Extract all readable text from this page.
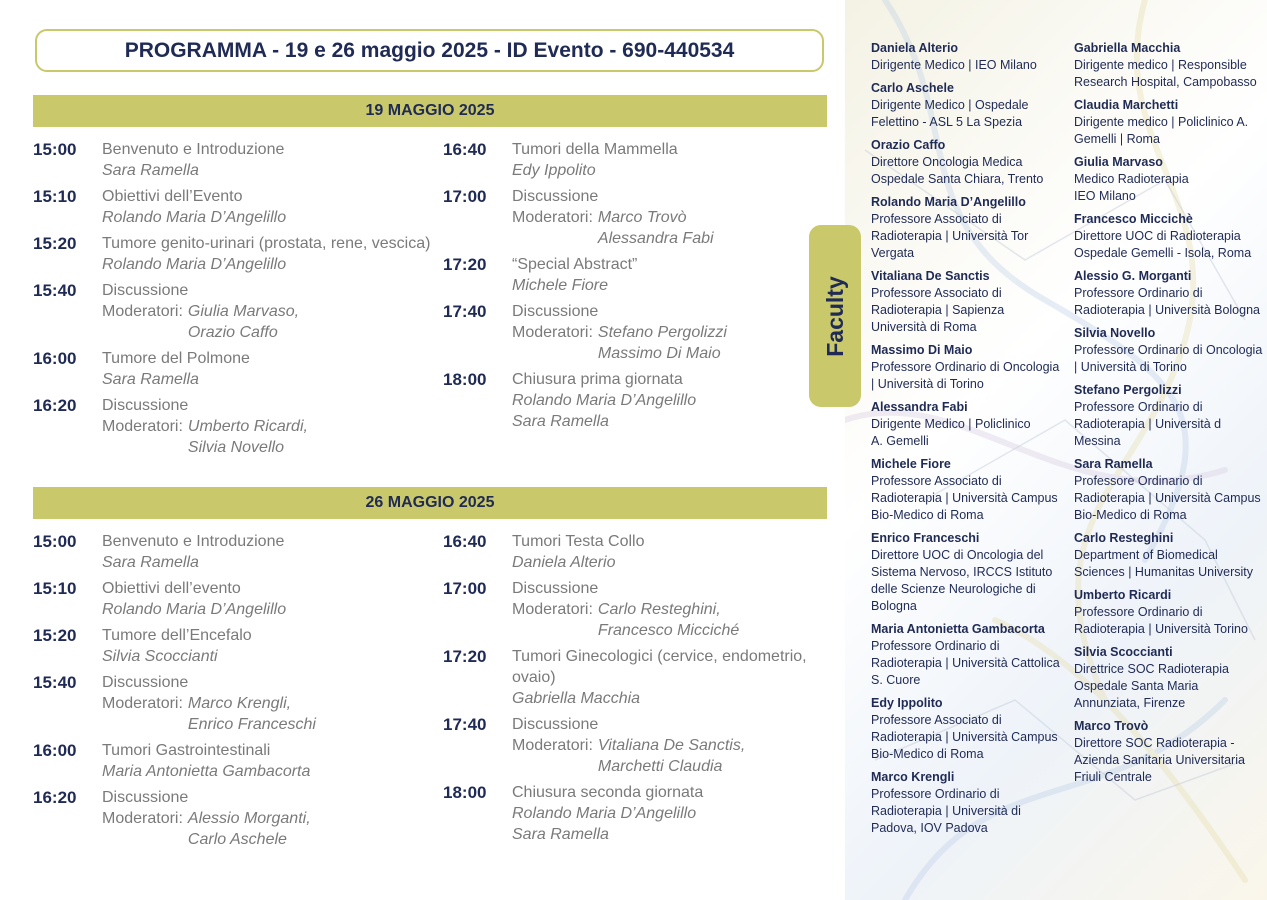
PROGRAMMA - 19 e 26 maggio 2025 - ID Evento - 690-440534
19 MAGGIO 2025
15:00	Benvenuto e Introduzione
Sara Ramella
15:10	Obiettivi dell’Evento
Rolando Maria D’Angelillo
15:20	Tumore genito-urinari (prostata, rene, vescica)
Rolando Maria D’Angelillo
15:40	Discussione
Moderatori: Giulia Marvaso,
Orazio Caffo
16:00	Tumore del Polmone
Sara Ramella
16:20	Discussione
Moderatori: Umberto Ricardi,
Silvia Novello
16:40	Tumori della Mammella
Edy Ippolito
17:00	Discussione
Moderatori: Marco Trovò
Alessandra Fabi
17:20	“Special Abstract”
Michele Fiore
17:40	Discussione
Moderatori: Stefano Pergolizzi
Massimo Di Maio
18:00	Chiusura prima giornata
Rolando Maria D’Angelillo
Sara Ramella
26 MAGGIO 2025
15:00	Benvenuto e Introduzione
Sara Ramella
15:10	Obiettivi dell’evento
Rolando Maria D’Angelillo
15:20	Tumore dell’Encefalo
Silvia Scoccianti
15:40	Discussione
Moderatori: Marco Krengli,
Enrico Franceschi
16:00	Tumori Gastrointestinali
Maria Antonietta Gambacorta
16:20	Discussione
Moderatori: Alessio Morganti,
Carlo Aschele
16:40	Tumori Testa Collo
Daniela Alterio
17:00	Discussione
Moderatori: Carlo Resteghini,
Francesco Micciché
17:20	Tumori Ginecologici (cervice, endometrio, ovaio)
Gabriella Macchia
17:40	Discussione
Moderatori: Vitaliana De Sanctis,
Marchetti Claudia
18:00	Chiusura seconda giornata
Rolando Maria D’Angelillo
Sara Ramella
Daniela Alterio
Dirigente Medico | IEO Milano
Carlo Aschele
Dirigente Medico | Ospedale
Felettino - ASL 5 La Spezia
Orazio Caffo
Direttore Oncologia Medica
Ospedale Santa Chiara, Trento
Rolando Maria D’Angelillo
Professore Associato di
Radioterapia | Università Tor
Vergata
Vitaliana De Sanctis
Professore Associato di
Radioterapia | Sapienza
Università di Roma
Massimo Di Maio
Professore Ordinario di Oncologia
| Università di Torino
Alessandra Fabi
Dirigente Medico | Policlinico
A. Gemelli
Michele Fiore
Professore Associato di
Radioterapia | Università Campus
Bio-Medico di Roma
Enrico Franceschi
Direttore UOC di Oncologia del
Sistema Nervoso, IRCCS Istituto
delle Scienze Neurologiche di
Bologna
Maria Antonietta Gambacorta
Professore Ordinario di
Radioterapia | Università Cattolica
S. Cuore
Edy Ippolito
Professore Associato di
Radioterapia | Università Campus
Bio-Medico di Roma
Marco Krengli
Professore Ordinario di
Radioterapia | Università di
Padova, IOV Padova
Gabriella Macchia
Dirigente medico | Responsible
Research Hospital, Campobasso
Claudia Marchetti
Dirigente medico | Policlinico A.
Gemelli | Roma
Giulia Marvaso
Medico Radioterapia
IEO Milano
Francesco Miccichè
Direttore UOC di Radioterapia
Ospedale Gemelli - Isola, Roma
Alessio G. Morganti
Professore Ordinario di
Radioterapia | Università Bologna
Silvia Novello
Professore Ordinario di Oncologia
| Università di Torino
Stefano Pergolizzi
Professore Ordinario di
Radioterapia | Università d
Messina
Sara Ramella
Professore Ordinario di
Radioterapia | Università Campus
Bio-Medico di Roma
Carlo Resteghini
Department of Biomedical
Sciences | Humanitas University
Umberto Ricardi
Professore Ordinario di
Radioterapia | Università Torino
Silvia Scoccianti
Direttrice SOC Radioterapia
Ospedale Santa Maria
Annunziata, Firenze
Marco Trovò
Direttore SOC Radioterapia -
Azienda Sanitaria Universitaria
Friuli Centrale
Faculty
